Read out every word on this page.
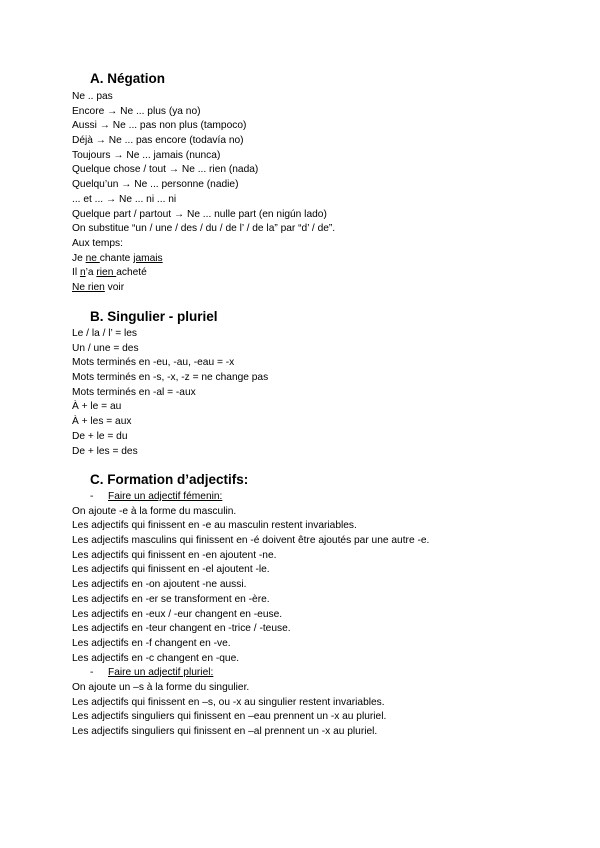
A. Négation
Ne .. pas
Encore → Ne ... plus (ya no)
Aussi → Ne ... pas non plus (tampoco)
Déjà → Ne ... pas encore (todavía no)
Toujours → Ne ... jamais (nunca)
Quelque chose / tout → Ne ... rien (nada)
Quelqu’un → Ne ... personne (nadie)
... et ... → Ne ... ni ... ni
Quelque part / partout → Ne ... nulle part (en nigún lado)
On substitue “un / une / des / du / de l’ / de la” par “d’ / de”.
Aux temps:
Je ne chante jamais
Il n’a rien acheté
Ne rien voir
B. Singulier - pluriel
Le / la / l’ = les
Un / une = des
Mots terminés en -eu, -au, -eau = -x
Mots terminés en -s, -x, -z = ne change pas
Mots terminés en -al = -aux
À + le = au
À + les = aux
De + le = du
De + les = des
C. Formation d’adjectifs:
- Faire un adjectif fémenin:
On ajoute -e à la forme du masculin.
Les adjectifs qui finissent en -e au masculin restent invariables.
Les adjectifs masculins qui finissent en -é doivent être ajoutés par une autre -e.
Les adjectifs qui finissent en -en ajoutent -ne.
Les adjectifs qui finissent en -el ajoutent -le.
Les adjectifs en -on ajoutent -ne aussi.
Les adjectifs en -er se transforment en -ère.
Les adjectifs en -eux / -eur changent en -euse.
Les adjectifs en -teur changent en -trice / -teuse.
Les adjectifs en -f changent en -ve.
Les adjectifs en -c changent en -que.
- Faire un adjectif pluriel:
On ajoute un –s à la forme du singulier.
Les adjectifs qui finissent en –s, ou -x au singulier restent invariables.
Les adjectifs singuliers qui finissent en –eau prennent un -x au pluriel.
Les adjectifs singuliers qui finissent en –al prennent un -x au pluriel.
